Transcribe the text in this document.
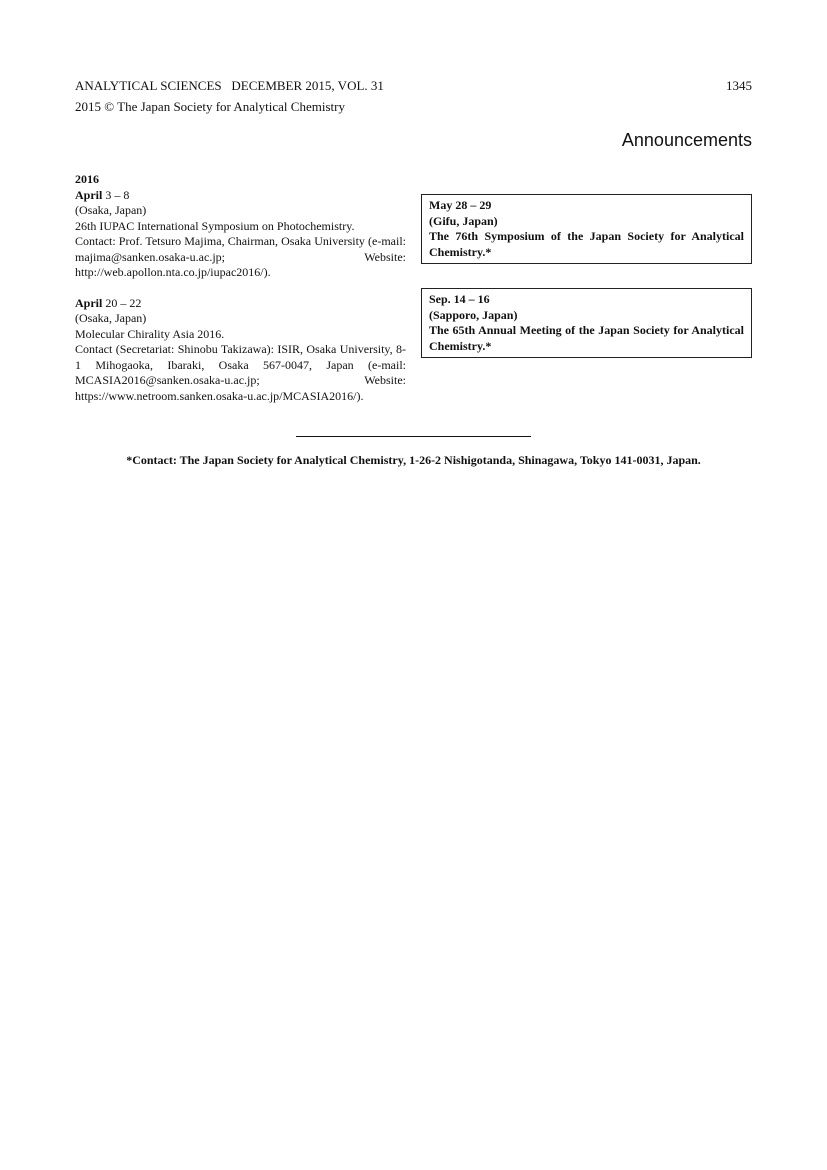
ANALYTICAL SCIENCES   DECEMBER 2015, VOL. 31
2015 © The Japan Society for Analytical Chemistry
1345
Announcements
2016
April 3 – 8
(Osaka, Japan)
26th IUPAC International Symposium on Photochemistry.
Contact: Prof. Tetsuro Majima, Chairman, Osaka University (e-mail: majima@sanken.osaka-u.ac.jp; Website: http://web.apollon.nta.co.jp/iupac2016/).
April 20 – 22
(Osaka, Japan)
Molecular Chirality Asia 2016.
Contact (Secretariat: Shinobu Takizawa): ISIR, Osaka University, 8-1 Mihogaoka, Ibaraki, Osaka 567-0047, Japan (e-mail: MCASIA2016@sanken.osaka-u.ac.jp; Website: https://www.netroom.sanken.osaka-u.ac.jp/MCASIA2016/).
May 28 – 29
(Gifu, Japan)
The 76th Symposium of the Japan Society for Analytical Chemistry.*
Sep. 14 – 16
(Sapporo, Japan)
The 65th Annual Meeting of the Japan Society for Analytical Chemistry.*
*Contact: The Japan Society for Analytical Chemistry, 1-26-2 Nishigotanda, Shinagawa, Tokyo 141-0031, Japan.
